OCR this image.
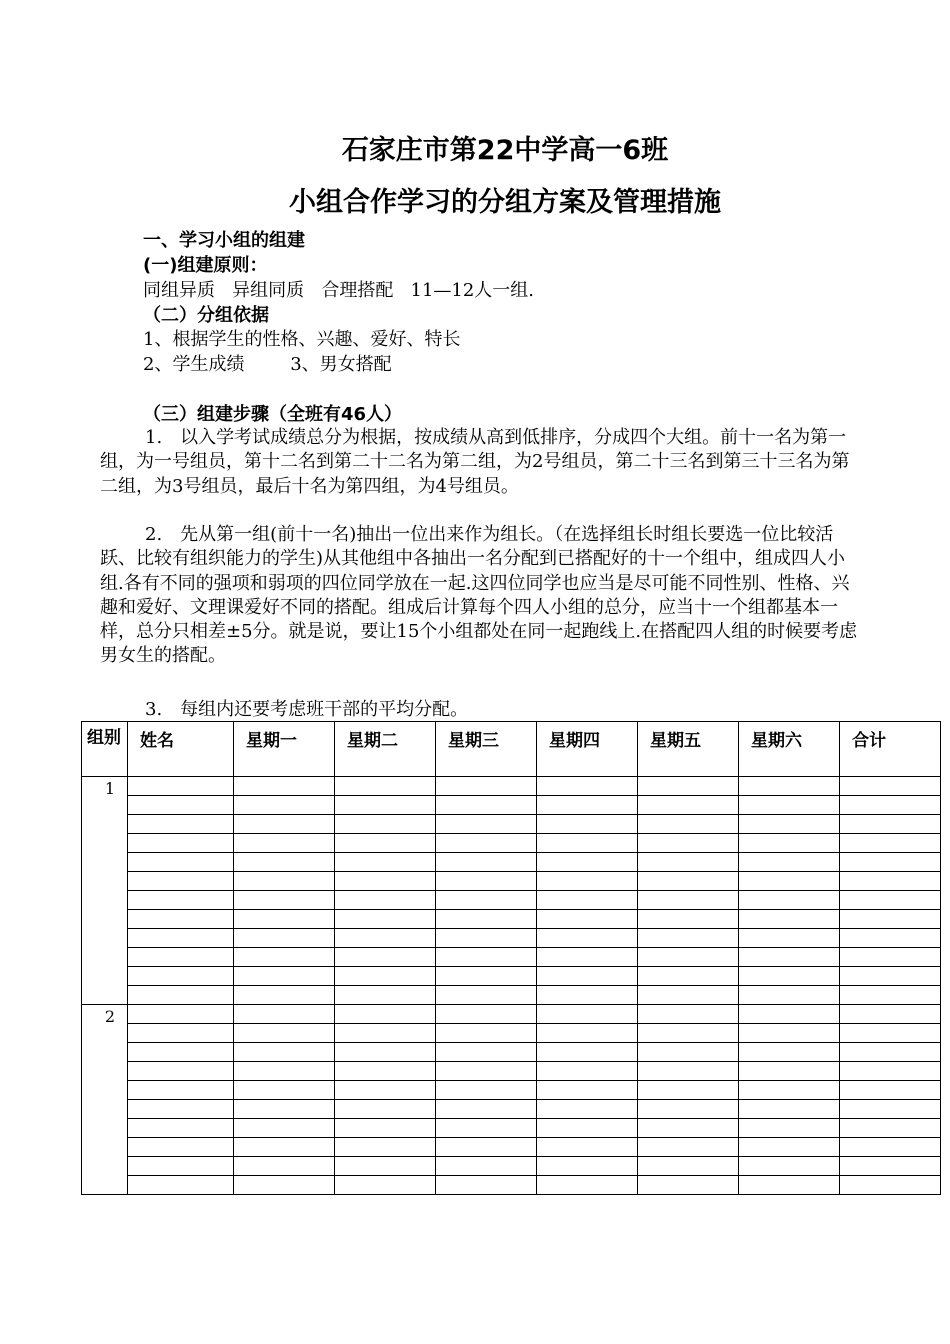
石家庄市第22中学高一6班
小组合作学习的分组方案及管理措施
一、学习小组的组建
(一)组建原则：
同组异质   异组同质   合理搭配   11—12人一组.
（二）分组依据
1、根据学生的性格、兴趣、爱好、特长
2、学生成绩        3、男女搭配
（三）组建步骤（全班有46人）
1.　以入学考试成绩总分为根据，按成绩从高到低排序，分成四个大组。前十一名为第一组，为一号组员，第十二名到第二十二名为第二组，为2号组员，第二十三名到第三十三名为第二组，为3号组员，最后十名为第四组，为4号组员。
2.　先从第一组(前十一名)抽出一位出来作为组长。（在选择组长时组长要选一位比较活跃、比较有组织能力的学生)从其他组中各抽出一名分配到已搭配好的十一个组中，组成四人小组.各有不同的强项和弱项的四位同学放在一起.这四位同学也应当是尽可能不同性别、性格、兴趣和爱好、文理课爱好不同的搭配。组成后计算每个四人小组的总分，应当十一个组都基本一样，总分只相差±5分。就是说，要让15个小组都处在同一起跑线上.在搭配四人组的时候要考虑男女生的搭配。
3.　每组内还要考虑班干部的平均分配。
组别	姓名	星期一	星期二	星期三	星期四	星期五	星期六	合计
1								

2								
